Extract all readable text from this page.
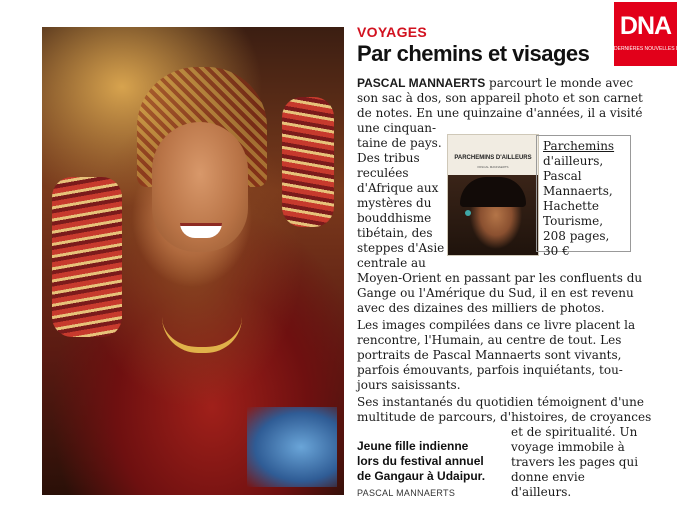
DNA
DERNIÈRES NOUVELLES D'ALSACE
VOYAGES
Par chemins et visages
PASCAL MANNAERTS parcourt le monde avec
son sac à dos, son appareil photo et son carnet
de notes. En une quinzaine d'années, il a visité
une cinquan-
taine de pays.
Des tribus
reculées
d'Afrique aux
mystères du
bouddhisme
tibétain, des
steppes d'Asie
centrale au
PARCHEMINS D'AILLEURS
PASCAL MANNAERTS
Parchemins
d'ailleurs,
Pascal
Mannaerts,
Hachette
Tourisme,
208 pages,
30 €
Moyen-Orient en passant par les confluents du
Gange ou l'Amérique du Sud, il en est revenu
avec des dizaines des milliers de photos.
Les images compilées dans ce livre placent la
rencontre, l'Humain, au centre de tout. Les
portraits de Pascal Mannaerts sont vivants,
parfois émouvants, parfois inquiétants, tou-
jours saisissants.
Ses instantanés du quotidien témoignent d'une
multitude de parcours, d'histoires, de croyances
et de spiritualité. Un
voyage immobile à
travers les pages qui
donne envie
d'ailleurs.
Jeune fille indienne
lors du festival annuel
de Gangaur à Udaipur.
PASCAL MANNAERTS
